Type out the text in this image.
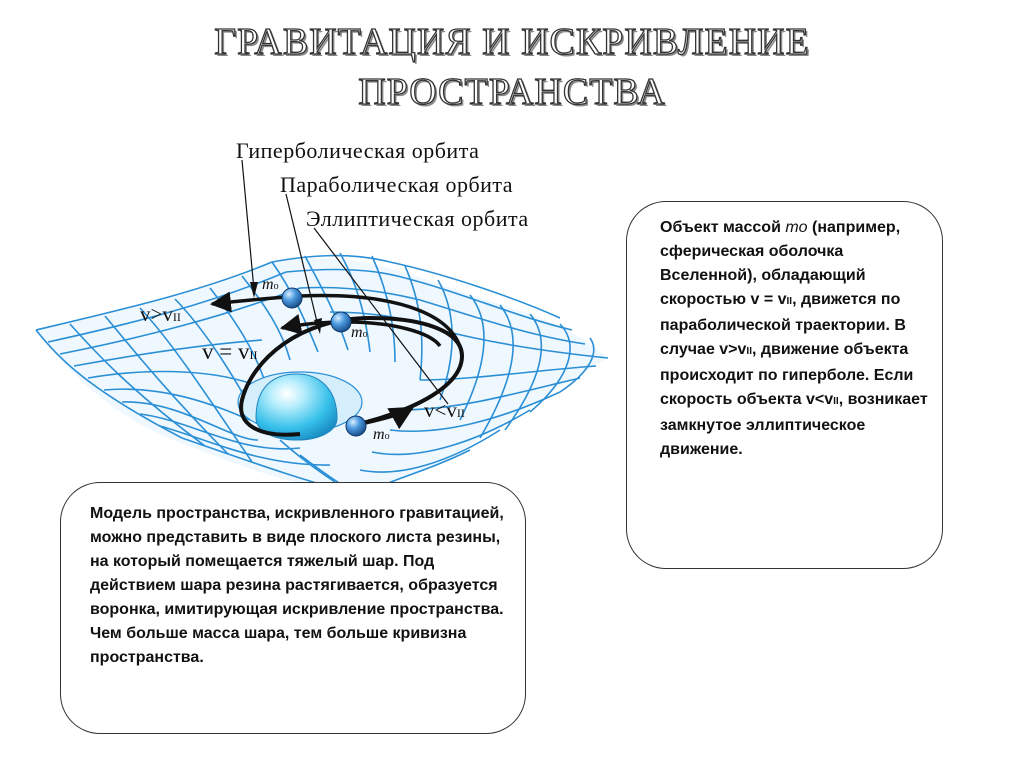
ГРАВИТАЦИЯ И ИСКРИВЛЕНИЕ
ПРОСТРАНСТВА
Гиперболическая орбита
Параболическая орбита
Эллиптическая орбита
v>vII
v = vII
v<vII
mo
mo
mo
Объект массой mo (например, сферическая оболочка Вселенной), обладающий скоростью v = vII, движется по параболической траектории. В случае v>vII, движение объекта происходит по гиперболе. Если скорость объекта v<vII, возникает замкнутое эллиптическое движение.
Модель пространства, искривленного гравитацией, можно представить в виде плоского листа резины, на который помещается тяжелый шар. Под действием шара резина растягивается, образуется воронка, имитирующая искривление пространства. Чем больше масса шара, тем больше кривизна пространства.
